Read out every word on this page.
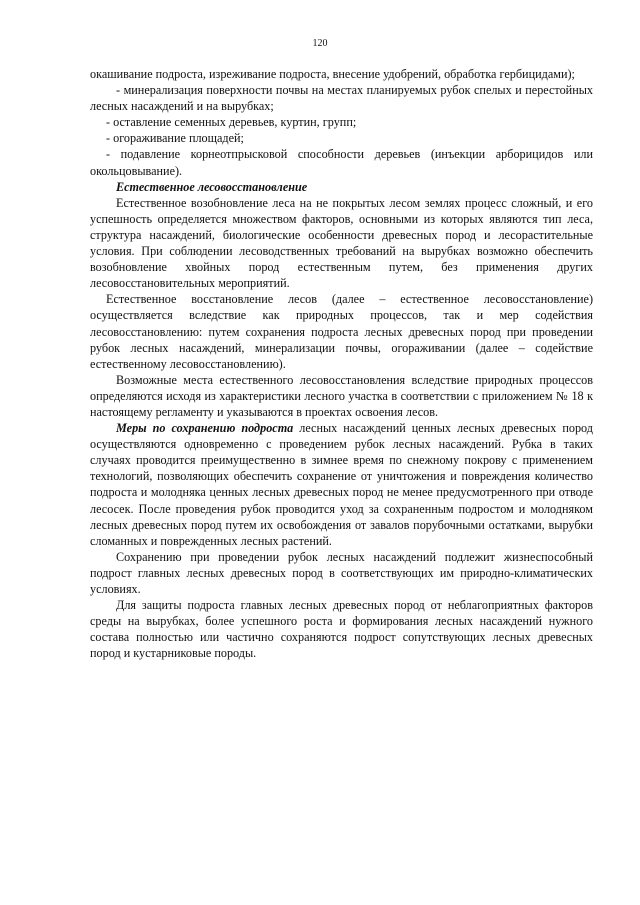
120

окашивание подроста, изреживание подроста, внесение удобрений, обработка гербицидами);

- минерализация поверхности почвы на местах планируемых рубок спелых и перестойных лесных насаждений и на вырубках;

- оставление семенных деревьев, куртин, групп;

- огораживание площадей;

- подавление корнеотпрысковой способности деревьев (инъекции арборицидов или окольцовывание).

Естественное лесовосстановление

Естественное возобновление леса на не покрытых лесом землях процесс сложный, и его успешность определяется множеством факторов, основными из которых являются тип леса, структура насаждений, биологические особенности древесных пород и лесорастительные условия. При соблюдении лесоводственных требований на вырубках возможно обеспечить возобновление хвойных пород естественным путем, без применения других лесовосстановительных мероприятий.

Естественное восстановление лесов (далее – естественное лесовосстановление) осуществляется вследствие как природных процессов, так и мер содействия лесовосстановлению: путем сохранения подроста лесных древесных пород при проведении рубок лесных насаждений, минерализации почвы, огораживании (далее – содействие естественному лесовосстановлению).

Возможные места естественного лесовосстановления вследствие природных процессов определяются исходя из характеристики лесного участка в соответствии с приложением № 18 к настоящему регламенту и указываются в проектах освоения лесов.

Меры по сохранению подроста лесных насаждений ценных лесных древесных пород осуществляются одновременно с проведением рубок лесных насаждений. Рубка в таких случаях проводится преимущественно в зимнее время по снежному покрову с применением технологий, позволяющих обеспечить сохранение от уничтожения и повреждения количество подроста и молодняка ценных лесных древесных пород не менее предусмотренного при отводе лесосек. После проведения рубок проводится уход за сохраненным подростом и молодняком лесных древесных пород путем их освобождения от завалов порубочными остатками, вырубки сломанных и поврежденных лесных растений.

Сохранению при проведении рубок лесных насаждений подлежит жизнеспособный подрост главных лесных древесных пород в соответствующих им природно-климатических условиях.

Для защиты подроста главных лесных древесных пород от неблагоприятных факторов среды на вырубках, более успешного роста и формирования лесных насаждений нужного состава полностью или частично сохраняются подрост сопутствующих лесных древесных пород и кустарниковые породы.
